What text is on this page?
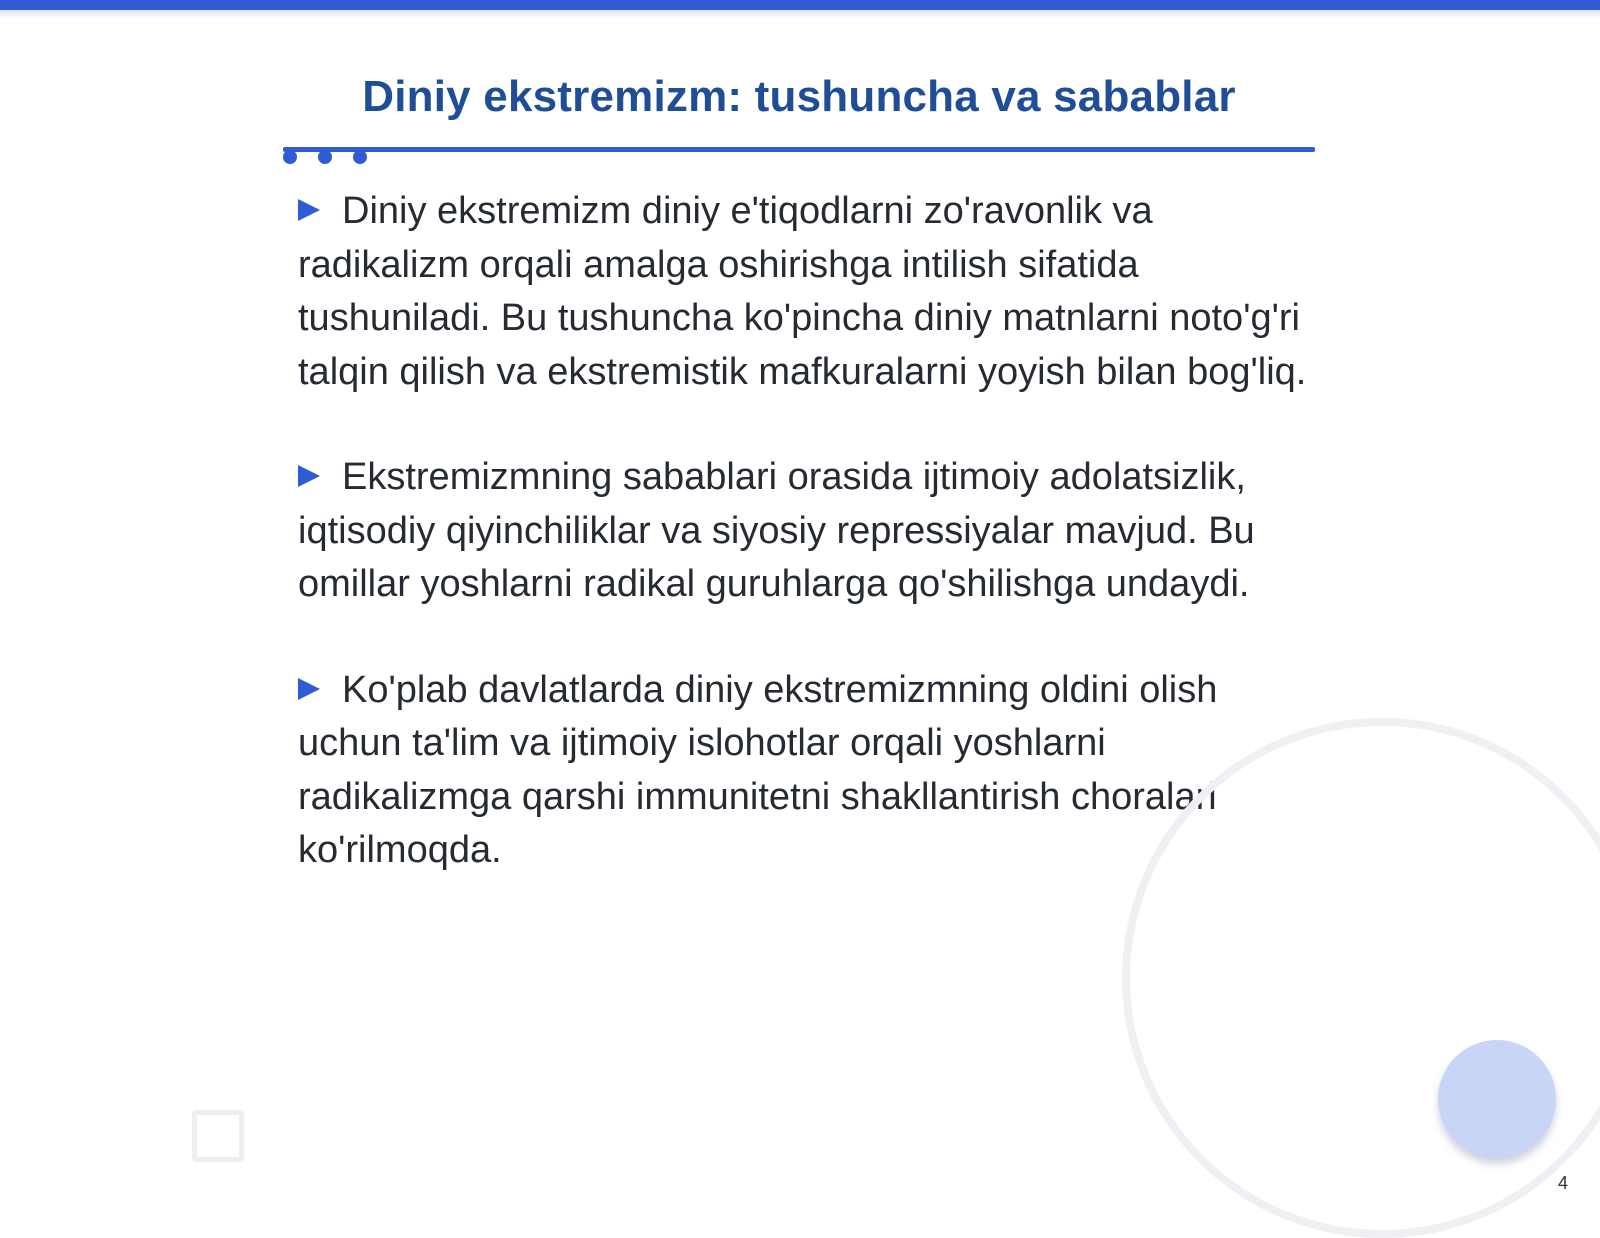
Diniy ekstremizm: tushuncha va sabablar

Diniy ekstremizm diniy e'tiqodlarni zo'ravonlik va radikalizm orqali amalga oshirishga intilish sifatida tushuniladi. Bu tushuncha ko'pincha diniy matnlarni noto'g'ri talqin qilish va ekstremistik mafkuralarni yoyish bilan bog'liq.

Ekstremizmning sabablari orasida ijtimoiy adolatsizlik, iqtisodiy qiyinchiliklar va siyosiy repressiyalar mavjud. Bu omillar yoshlarni radikal guruhlarga qo'shilishga undaydi.

Ko'plab davlatlarda diniy ekstremizmning oldini olish uchun ta'lim va ijtimoiy islohotlar orqali yoshlarni radikalizmga qarshi immunitetni shakllantirish choralari ko'rilmoqda.

4
